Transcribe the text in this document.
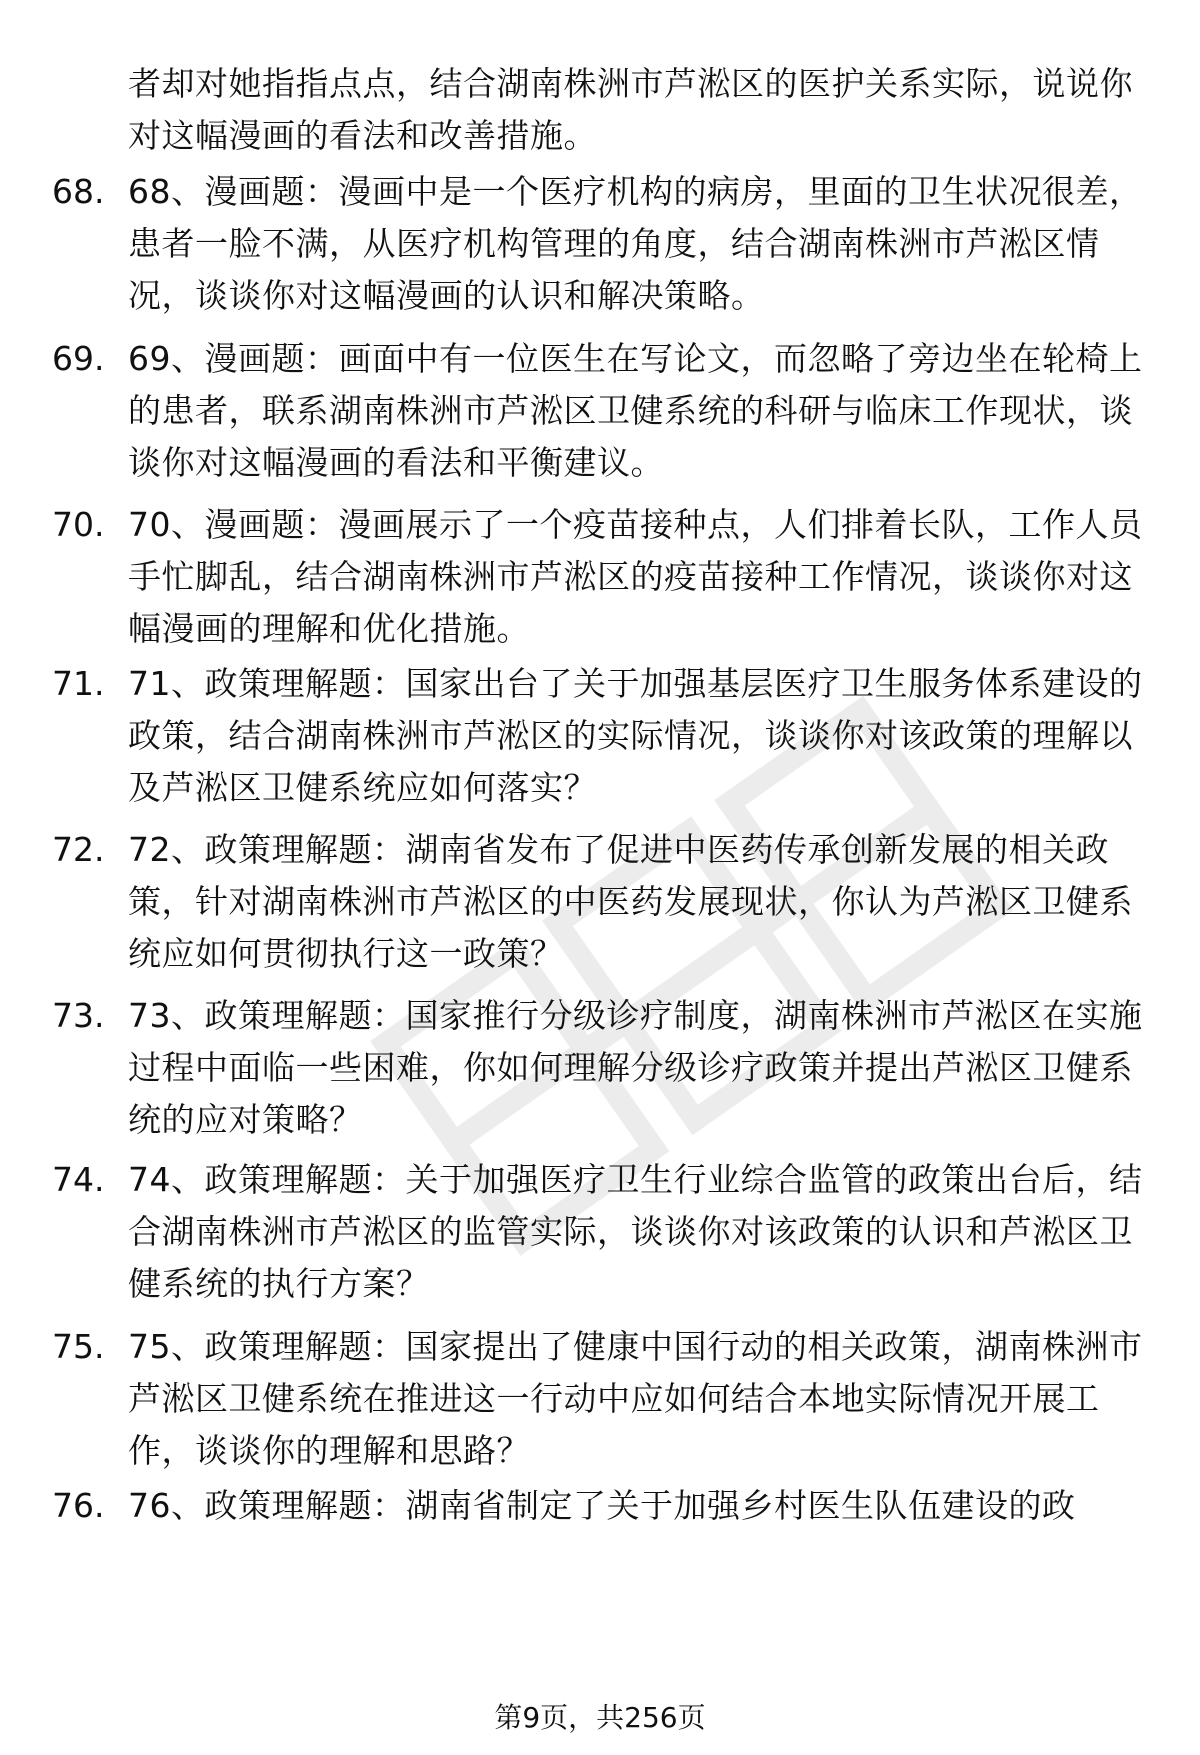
者却对她指指点点，结合湖南株洲市芦淞区的医护关系实际，说说你对这幅漫画的看法和改善措施。
68. 68、漫画题：漫画中是一个医疗机构的病房，里面的卫生状况很差，患者一脸不满，从医疗机构管理的角度，结合湖南株洲市芦淞区情况，谈谈你对这幅漫画的认识和解决策略。
69. 69、漫画题：画面中有一位医生在写论文，而忽略了旁边坐在轮椅上的患者，联系湖南株洲市芦淞区卫健系统的科研与临床工作现状，谈谈你对这幅漫画的看法和平衡建议。
70. 70、漫画题：漫画展示了一个疫苗接种点，人们排着长队，工作人员手忙脚乱，结合湖南株洲市芦淞区的疫苗接种工作情况，谈谈你对这幅漫画的理解和优化措施。
71. 71、政策理解题：国家出台了关于加强基层医疗卫生服务体系建设的政策，结合湖南株洲市芦淞区的实际情况，谈谈你对该政策的理解以及芦淞区卫健系统应如何落实？
72. 72、政策理解题：湖南省发布了促进中医药传承创新发展的相关政策，针对湖南株洲市芦淞区的中医药发展现状，你认为芦淞区卫健系统应如何贯彻执行这一政策？
73. 73、政策理解题：国家推行分级诊疗制度，湖南株洲市芦淞区在实施过程中面临一些困难，你如何理解分级诊疗政策并提出芦淞区卫健系统的应对策略？
74. 74、政策理解题：关于加强医疗卫生行业综合监管的政策出台后，结合湖南株洲市芦淞区的监管实际，谈谈你对该政策的认识和芦淞区卫健系统的执行方案？
75. 75、政策理解题：国家提出了健康中国行动的相关政策，湖南株洲市芦淞区卫健系统在推进这一行动中应如何结合本地实际情况开展工作，谈谈你的理解和思路？
76. 76、政策理解题：湖南省制定了关于加强乡村医生队伍建设的政
第9页，共256页
